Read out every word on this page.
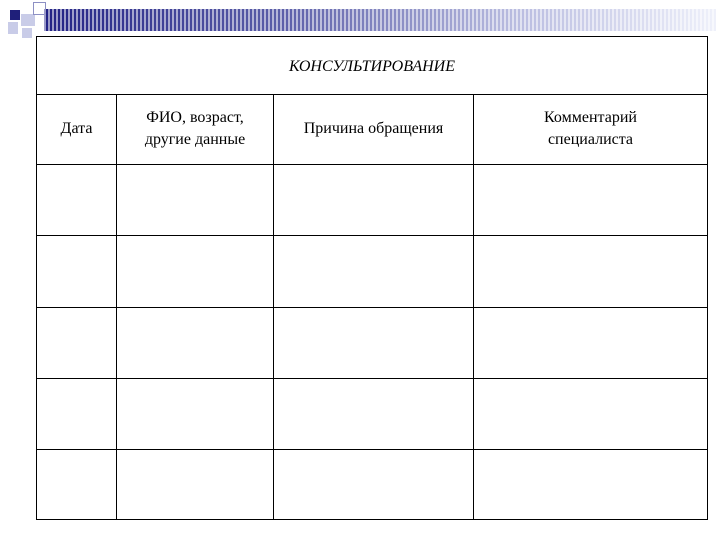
КОНСУЛЬТИРОВАНИЕ
Дата
ФИО, возраст,
другие данные
Причина обращения
Комментарий
специалиста
